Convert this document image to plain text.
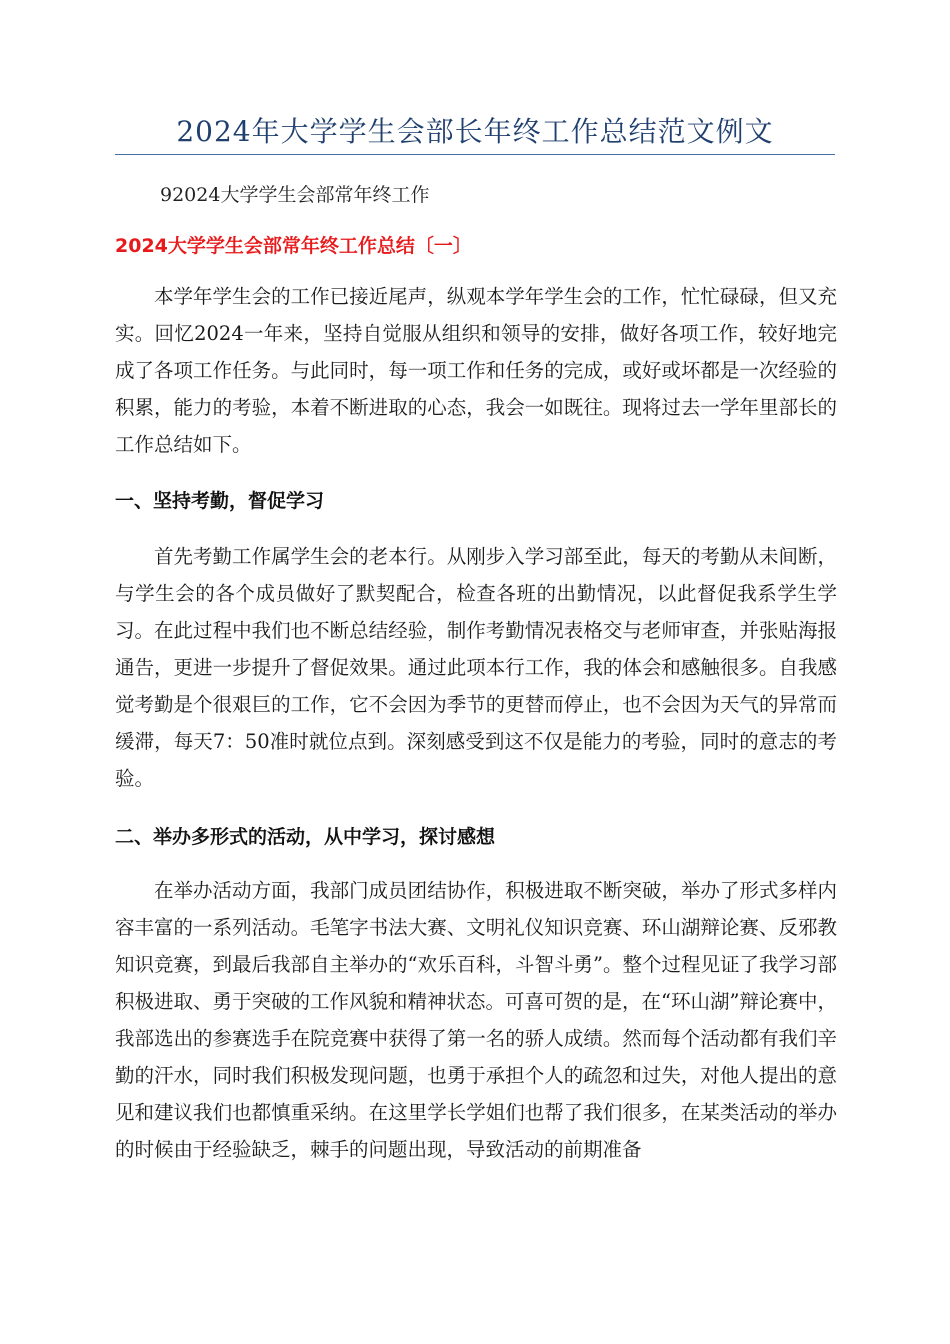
2024年大学学生会部长年终工作总结范文例文

92024大学学生会部常年终工作

2024大学学生会部常年终工作总结〔一〕

本学年学生会的工作已接近尾声，纵观本学年学生会的工作，忙忙碌碌，但又充实。回忆2024一年来，坚持自觉服从组织和领导的安排，做好各项工作，较好地完成了各项工作任务。与此同时，每一项工作和任务的完成，或好或坏都是一次经验的积累，能力的考验，本着不断进取的心态，我会一如既往。现将过去一学年里部长的工作总结如下。

一、坚持考勤，督促学习

首先考勤工作属学生会的老本行。从刚步入学习部至此，每天的考勤从未间断，与学生会的各个成员做好了默契配合，检查各班的出勤情况，以此督促我系学生学习。在此过程中我们也不断总结经验，制作考勤情况表格交与老师审查，并张贴海报通告，更进一步提升了督促效果。通过此项本行工作，我的体会和感触很多。自我感觉考勤是个很艰巨的工作，它不会因为季节的更替而停止，也不会因为天气的异常而缓滞，每天7：50准时就位点到。深刻感受到这不仅是能力的考验，同时的意志的考验。

二、举办多形式的活动，从中学习，探讨感想

在举办活动方面，我部门成员团结协作，积极进取不断突破，举办了形式多样内容丰富的一系列活动。毛笔字书法大赛、文明礼仪知识竞赛、环山湖辩论赛、反邪教知识竞赛，到最后我部自主举办的“欢乐百科，斗智斗勇”。整个过程见证了我学习部积极进取、勇于突破的工作风貌和精神状态。可喜可贺的是，在“环山湖”辩论赛中，我部选出的参赛选手在院竞赛中获得了第一名的骄人成绩。然而每个活动都有我们辛勤的汗水，同时我们积极发现问题，也勇于承担个人的疏忽和过失，对他人提出的意见和建议我们也都慎重采纳。在这里学长学姐们也帮了我们很多，在某类活动的举办的时候由于经验缺乏，棘手的问题出现，导致活动的前期准备
